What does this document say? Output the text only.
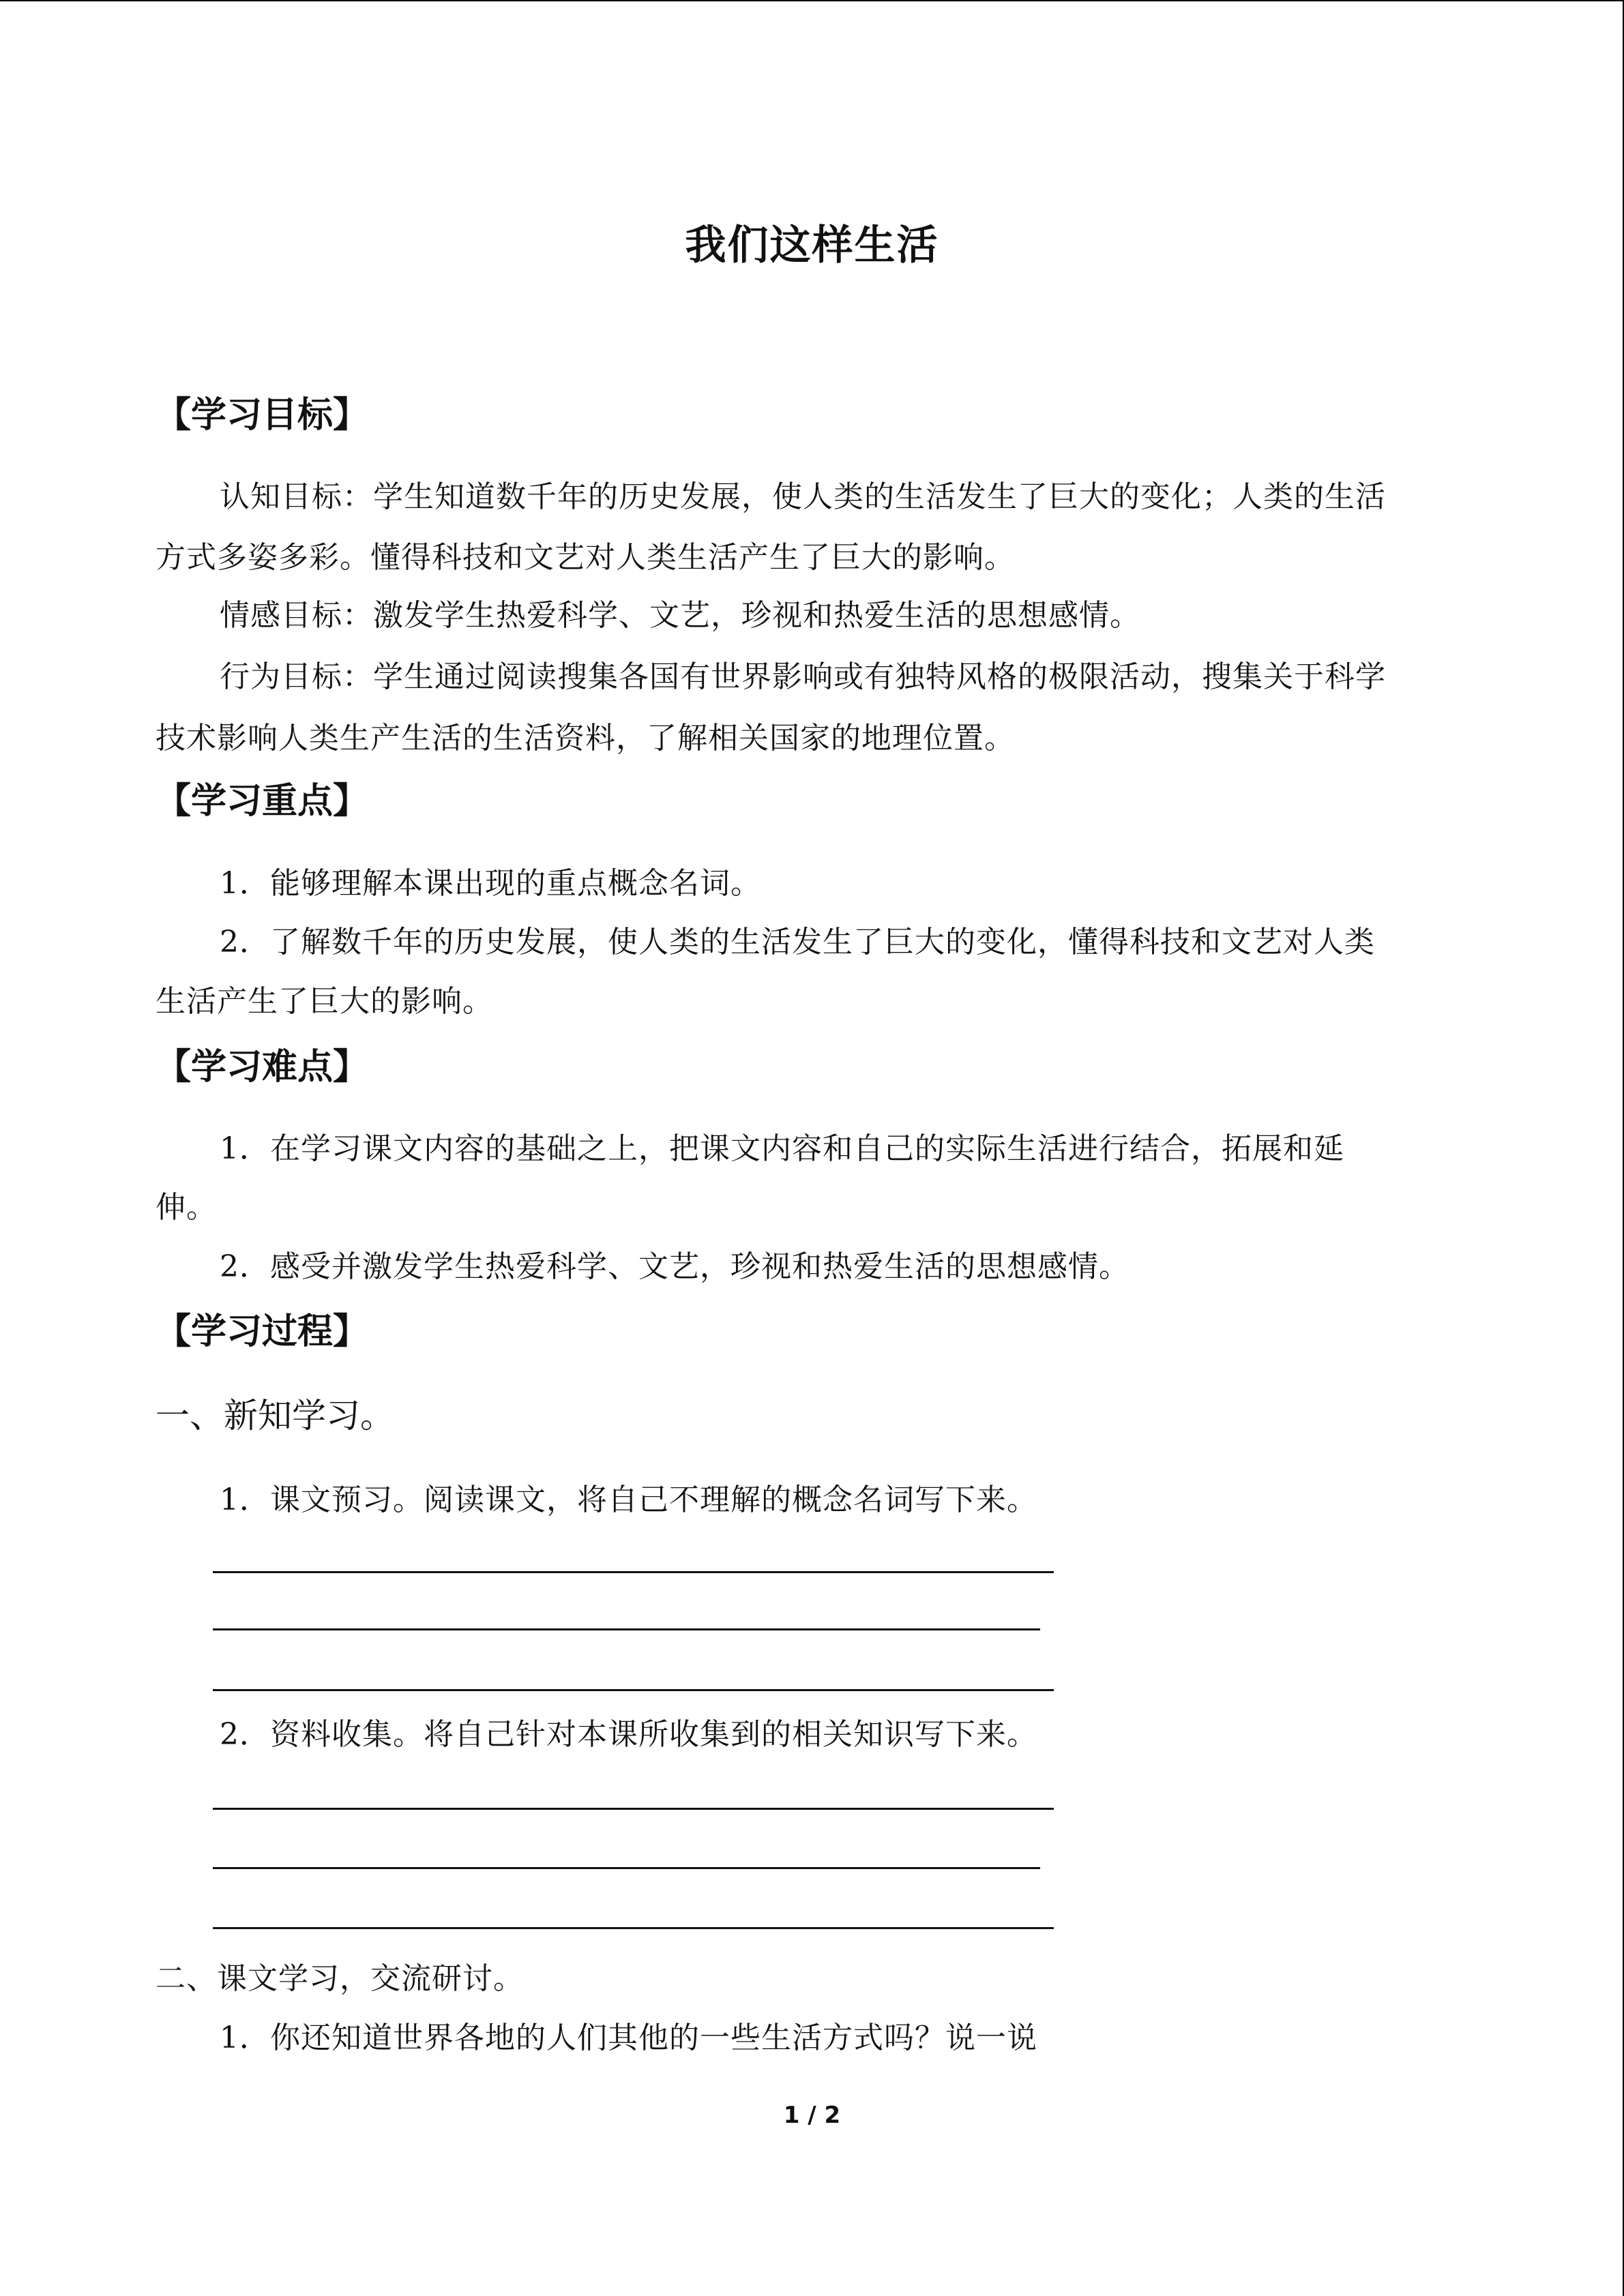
我们这样生活
【学习目标】
认知目标：学生知道数千年的历史发展，使人类的生活发生了巨大的变化；人类的生活
方式多姿多彩。懂得科技和文艺对人类生活产生了巨大的影响。
情感目标：激发学生热爱科学、文艺，珍视和热爱生活的思想感情。
行为目标：学生通过阅读搜集各国有世界影响或有独特风格的极限活动，搜集关于科学
技术影响人类生产生活的生活资料，了解相关国家的地理位置。
【学习重点】
1．能够理解本课出现的重点概念名词。
2．了解数千年的历史发展，使人类的生活发生了巨大的变化，懂得科技和文艺对人类
生活产生了巨大的影响。
【学习难点】
1．在学习课文内容的基础之上，把课文内容和自己的实际生活进行结合，拓展和延
伸。
2．感受并激发学生热爱科学、文艺，珍视和热爱生活的思想感情。
【学习过程】
一、新知学习。
1．课文预习。阅读课文，将自己不理解的概念名词写下来。
2．资料收集。将自己针对本课所收集到的相关知识写下来。
二、课文学习，交流研讨。
1．你还知道世界各地的人们其他的一些生活方式吗？说一说
1 / 2
